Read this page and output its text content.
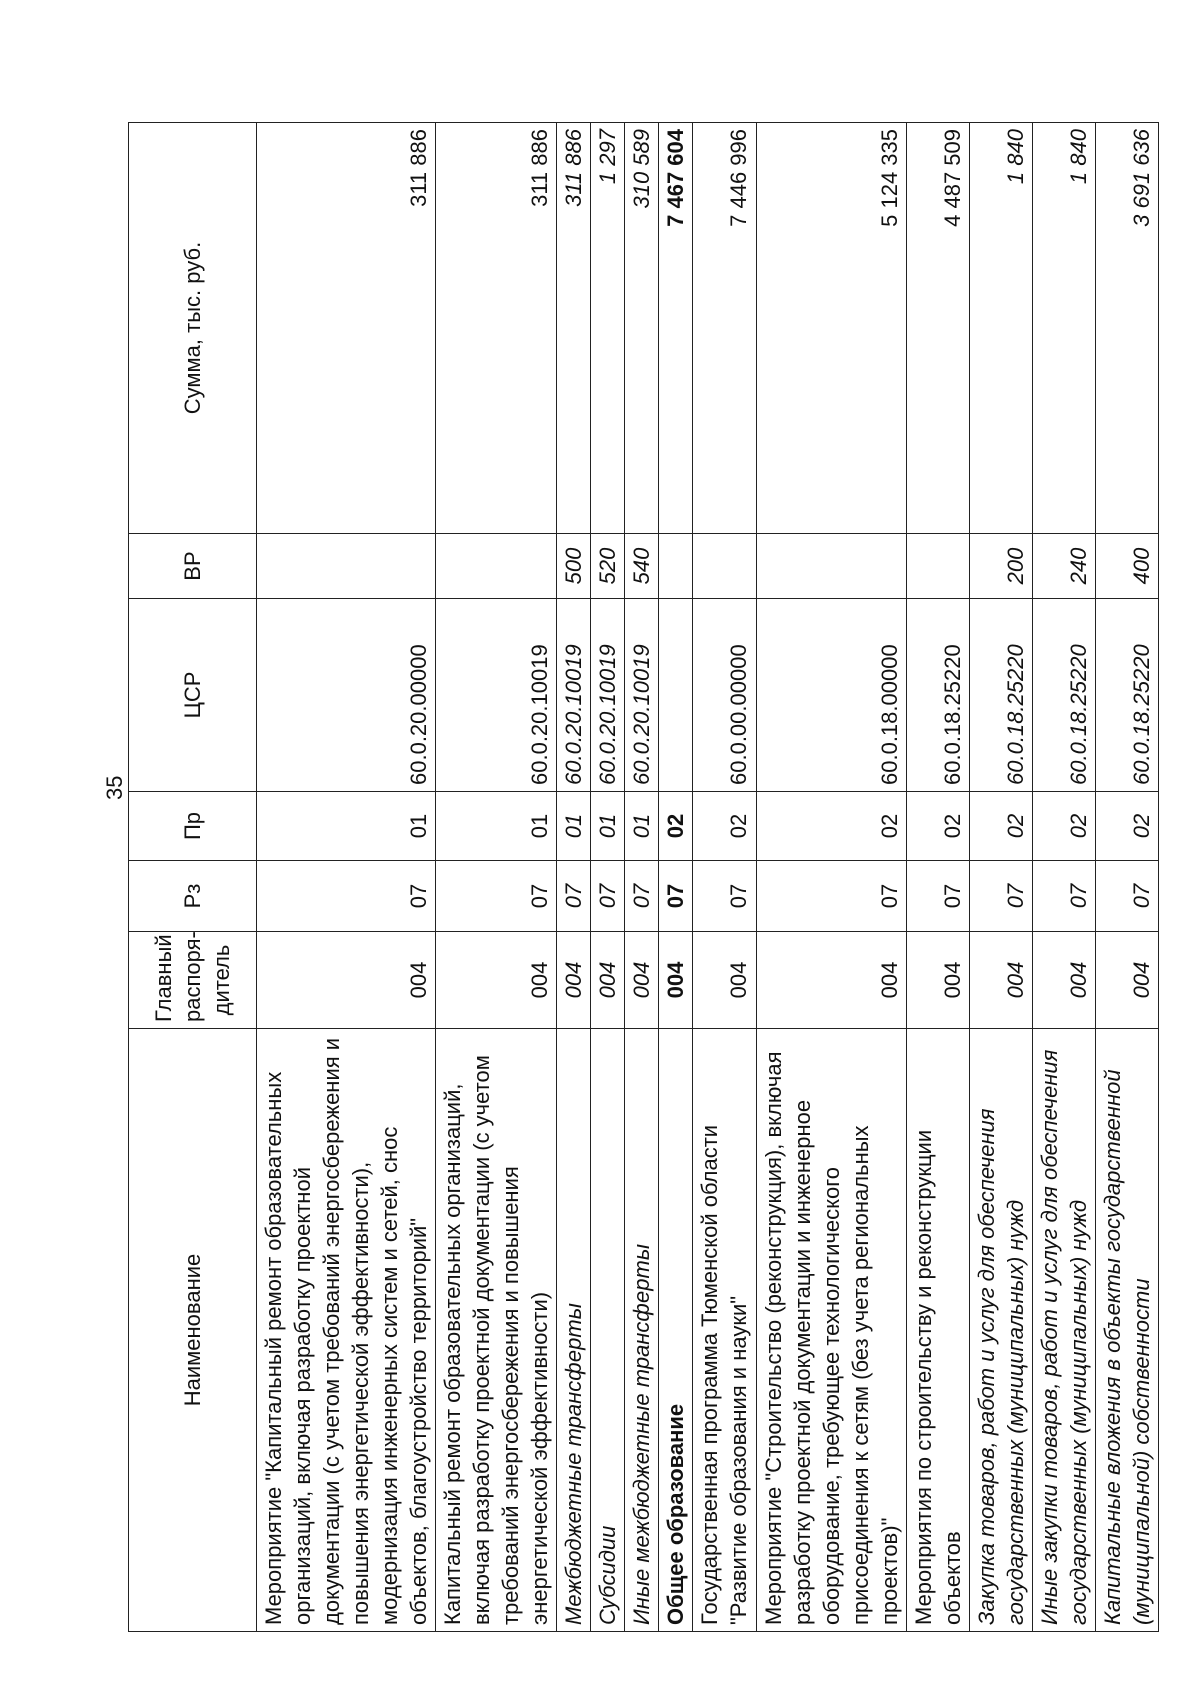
35
Наименование	Главный распоря-дитель	Рз	Пр	ЦСР	ВР	Сумма, тыс. руб.
Мероприятие "Капитальный ремонт образовательных организаций, включая разработку проектной документации (с учетом требований энергосбережения и повышения энергетической эффективности), модернизация инженерных систем и сетей, снос объектов, благоустройство территорий"	004	07	01	60.0.20.00000		311 886
Капитальный ремонт образовательных организаций, включая разработку проектной документации (с учетом требований энергосбережения и повышения энергетической эффективности)	004	07	01	60.0.20.10019		311 886
Межбюджетные трансферты	004	07	01	60.0.20.10019	500	311 886
Субсидии	004	07	01	60.0.20.10019	520	1 297
Иные межбюджетные трансферты	004	07	01	60.0.20.10019	540	310 589
Общее образование	004	07	02			7 467 604
Государственная программа Тюменской области "Развитие образования и науки"	004	07	02	60.0.00.00000		7 446 996
Мероприятие "Строительство (реконструкция), включая разработку проектной документации и инженерное оборудование, требующее технологического присоединения к сетям (без учета региональных проектов)"	004	07	02	60.0.18.00000		5 124 335
Мероприятия по строительству и реконструкции объектов	004	07	02	60.0.18.25220		4 487 509
Закупка товаров, работ и услуг для обеспечения государственных (муниципальных) нужд	004	07	02	60.0.18.25220	200	1 840
Иные закупки товаров, работ и услуг для обеспечения государственных (муниципальных) нужд	004	07	02	60.0.18.25220	240	1 840
Капитальные вложения в объекты государственной (муниципальной) собственности	004	07	02	60.0.18.25220	400	3 691 636
